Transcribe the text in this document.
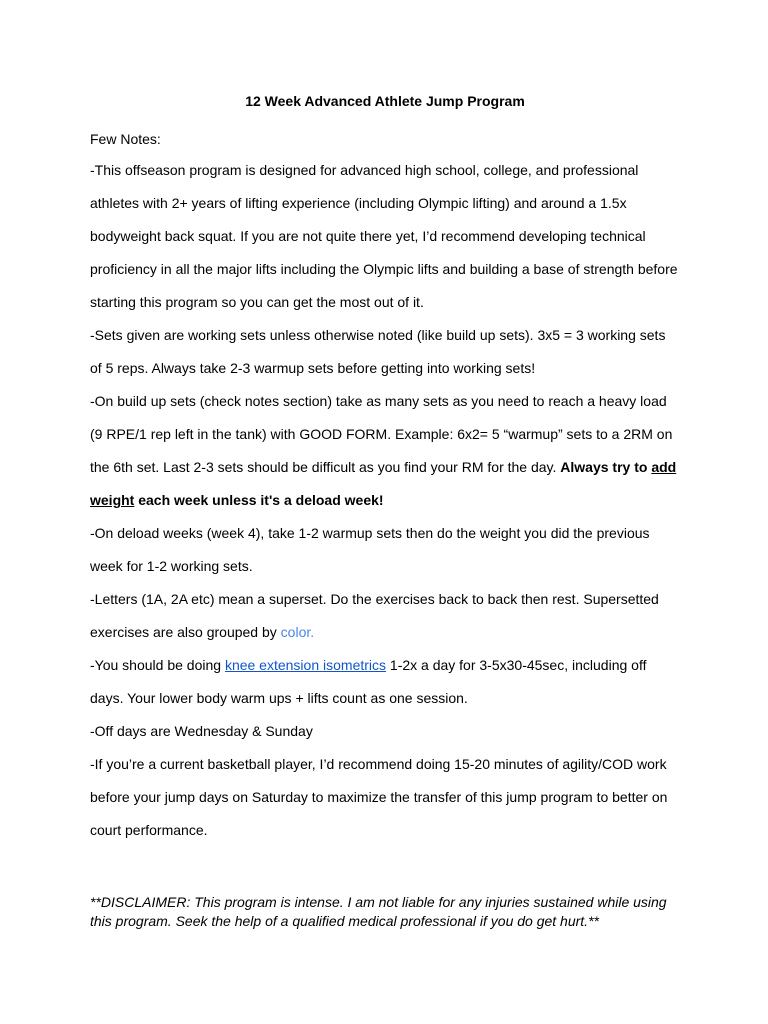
12 Week Advanced Athlete Jump Program
Few Notes:

-This offseason program is designed for advanced high school, college, and professional athletes with 2+ years of lifting experience (including Olympic lifting) and around a 1.5x bodyweight back squat. If you are not quite there yet, I’d recommend developing technical proficiency in all the major lifts including the Olympic lifts and building a base of strength before starting this program so you can get the most out of it.

-Sets given are working sets unless otherwise noted (like build up sets). 3x5 = 3 working sets of 5 reps. Always take 2-3 warmup sets before getting into working sets!

-On build up sets (check notes section) take as many sets as you need to reach a heavy load (9 RPE/1 rep left in the tank) with GOOD FORM. Example: 6x2= 5 “warmup” sets to a 2RM on the 6th set. Last 2-3 sets should be difficult as you find your RM for the day. Always try to add weight each week unless it's a deload week!

-On deload weeks (week 4), take 1-2 warmup sets then do the weight you did the previous week for 1-2 working sets.

-Letters (1A, 2A etc) mean a superset. Do the exercises back to back then rest. Supersetted exercises are also grouped by color.

-You should be doing knee extension isometrics 1-2x a day for 3-5x30-45sec, including off days. Your lower body warm ups + lifts count as one session.

-Off days are Wednesday & Sunday

-If you’re a current basketball player, I’d recommend doing 15-20 minutes of agility/COD work before your jump days on Saturday to maximize the transfer of this jump program to better on court performance.

**DISCLAIMER: This program is intense. I am not liable for any injuries sustained while using this program. Seek the help of a qualified medical professional if you do get hurt.**
